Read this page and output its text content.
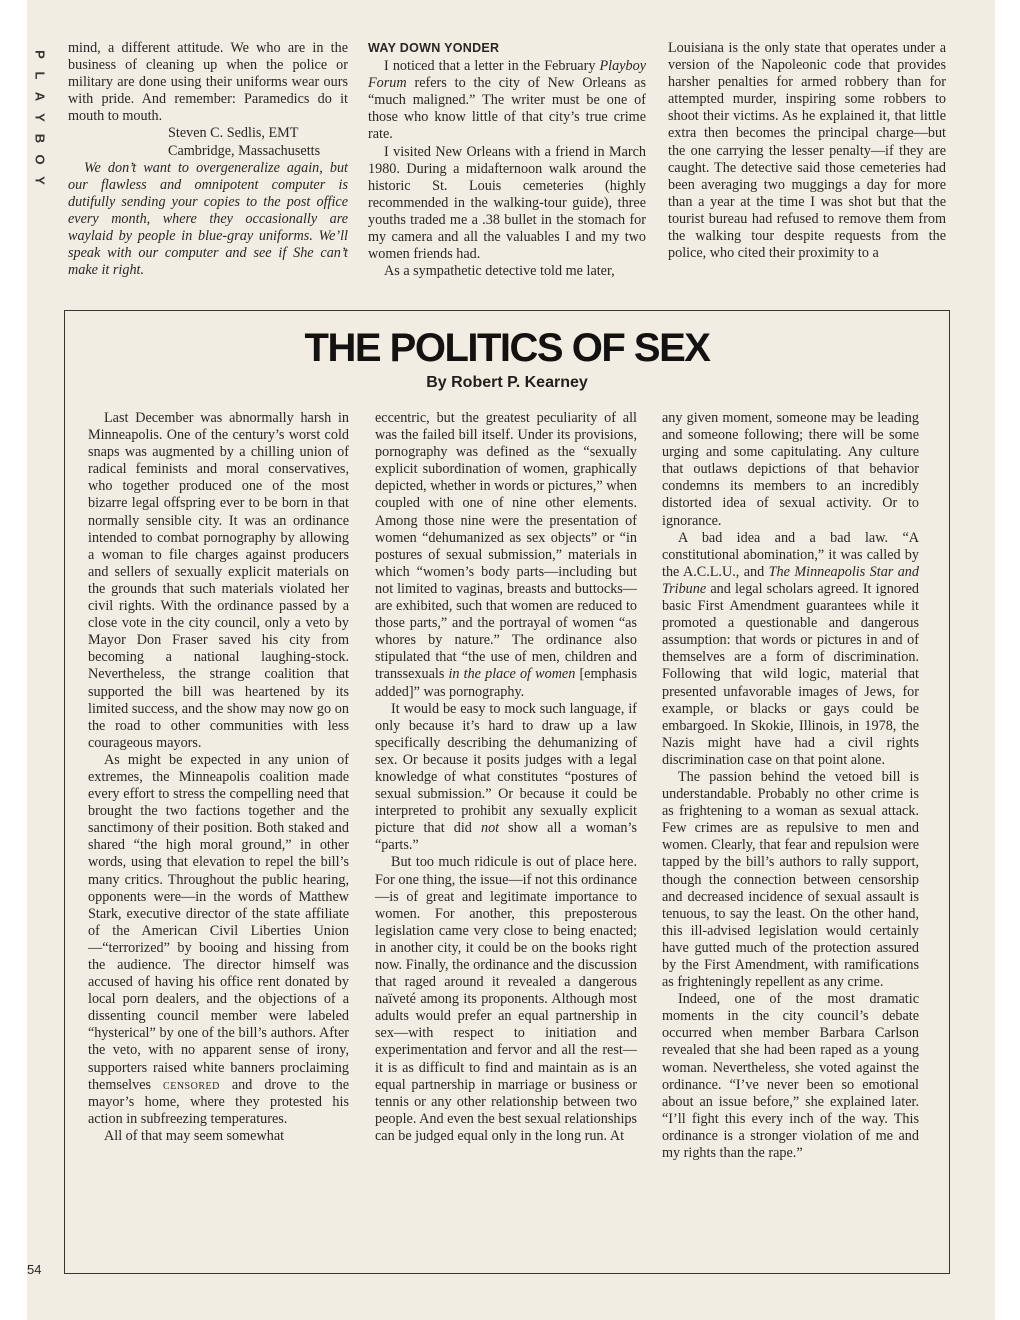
P
L
A
Y
B
O
Y
54

mind, a different attitude. We who are in the business of cleaning up when the police or military are done using their uniforms wear ours with pride. And remember: Paramedics do it mouth to mouth.

Steven C. Sedlis, EMT

Cambridge, Massachusetts

We don’t want to overgeneralize again, but our flawless and omnipotent computer is dutifully sending your copies to the post office every month, where they occasionally are waylaid by people in blue-gray uniforms. We’ll speak with our computer and see if She can’t make it right.

WAY DOWN YONDER

I noticed that a letter in the February Playboy Forum refers to the city of New Orleans as “much maligned.” The writer must be one of those who know little of that city’s true crime rate.

I visited New Orleans with a friend in March 1980. During a midafternoon walk around the historic St. Louis cemeteries (highly recommended in the walking-tour guide), three youths traded me a .38 bullet in the stomach for my camera and all the valuables I and my two women friends had.

As a sympathetic detective told me later,

Louisiana is the only state that operates under a version of the Napoleonic code that provides harsher penalties for armed robbery than for attempted murder, inspiring some robbers to shoot their victims. As he explained it, that little extra then becomes the principal charge—but the one carrying the lesser penalty—if they are caught. The detective said those cemeteries had been averaging two muggings a day for more than a year at the time I was shot but that the tourist bureau had refused to remove them from the walking tour despite requests from the police, who cited their proximity to a

THE POLITICS OF SEX

By Robert P. Kearney

Last December was abnormally harsh in Minneapolis. One of the century’s worst cold snaps was augmented by a chilling union of radical feminists and moral conservatives, who together produced one of the most bizarre legal offspring ever to be born in that normally sensible city. It was an ordinance intended to combat pornography by allowing a woman to file charges against producers and sellers of sexually explicit materials on the grounds that such materials violated her civil rights. With the ordinance passed by a close vote in the city council, only a veto by Mayor Don Fraser saved his city from becoming a national laughing-stock. Nevertheless, the strange coalition that supported the bill was heartened by its limited success, and the show may now go on the road to other communities with less courageous mayors.

As might be expected in any union of extremes, the Minneapolis coalition made every effort to stress the compelling need that brought the two factions together and the sanctimony of their position. Both staked and shared “the high moral ground,” in other words, using that elevation to repel the bill’s many critics. Throughout the public hearing, opponents were—in the words of Matthew Stark, executive director of the state affiliate of the American Civil Liberties Union—“terrorized” by booing and hissing from the audience. The director himself was accused of having his office rent donated by local porn dealers, and the objections of a dissenting council member were labeled “hysterical” by one of the bill’s authors. After the veto, with no apparent sense of irony, supporters raised white banners proclaiming themselves censored and drove to the mayor’s home, where they protested his action in subfreezing temperatures.

All of that may seem somewhat

eccentric, but the greatest peculiarity of all was the failed bill itself. Under its provisions, pornography was defined as the “sexually explicit subordination of women, graphically depicted, whether in words or pictures,” when coupled with one of nine other elements. Among those nine were the presentation of women “dehumanized as sex objects” or “in postures of sexual submission,” materials in which “women’s body parts—including but not limited to vaginas, breasts and buttocks—are exhibited, such that women are reduced to those parts,” and the portrayal of women “as whores by nature.” The ordinance also stipulated that “the use of men, children and transsexuals in the place of women [emphasis added]” was pornography.

It would be easy to mock such language, if only because it’s hard to draw up a law specifically describing the dehumanizing of sex. Or because it posits judges with a legal knowledge of what constitutes “postures of sexual submission.” Or because it could be interpreted to prohibit any sexually explicit picture that did not show all a woman’s “parts.”

But too much ridicule is out of place here. For one thing, the issue—if not this ordinance—is of great and legitimate importance to women. For another, this preposterous legislation came very close to being enacted; in another city, it could be on the books right now. Finally, the ordinance and the discussion that raged around it revealed a dangerous naïveté among its proponents. Although most adults would prefer an equal partnership in sex—with respect to initiation and experimentation and fervor and all the rest—it is as difficult to find and maintain as is an equal partnership in marriage or business or tennis or any other relationship between two people. And even the best sexual relationships can be judged equal only in the long run. At

any given moment, someone may be leading and someone following; there will be some urging and some capitulating. Any culture that outlaws depictions of that behavior condemns its members to an incredibly distorted idea of sexual activity. Or to ignorance.

A bad idea and a bad law. “A constitutional abomination,” it was called by the A.C.L.U., and The Minneapolis Star and Tribune and legal scholars agreed. It ignored basic First Amendment guarantees while it promoted a questionable and dangerous assumption: that words or pictures in and of themselves are a form of discrimination. Following that wild logic, material that presented unfavorable images of Jews, for example, or blacks or gays could be embargoed. In Skokie, Illinois, in 1978, the Nazis might have had a civil rights discrimination case on that point alone.

The passion behind the vetoed bill is understandable. Probably no other crime is as frightening to a woman as sexual attack. Few crimes are as repulsive to men and women. Clearly, that fear and repulsion were tapped by the bill’s authors to rally support, though the connection between censorship and decreased incidence of sexual assault is tenuous, to say the least. On the other hand, this ill-advised legislation would certainly have gutted much of the protection assured by the First Amendment, with ramifications as frighteningly repellent as any crime.

Indeed, one of the most dramatic moments in the city council’s debate occurred when member Barbara Carlson revealed that she had been raped as a young woman. Nevertheless, she voted against the ordinance. “I’ve never been so emotional about an issue before,” she explained later. “I’ll fight this every inch of the way. This ordinance is a stronger violation of me and my rights than the rape.”
